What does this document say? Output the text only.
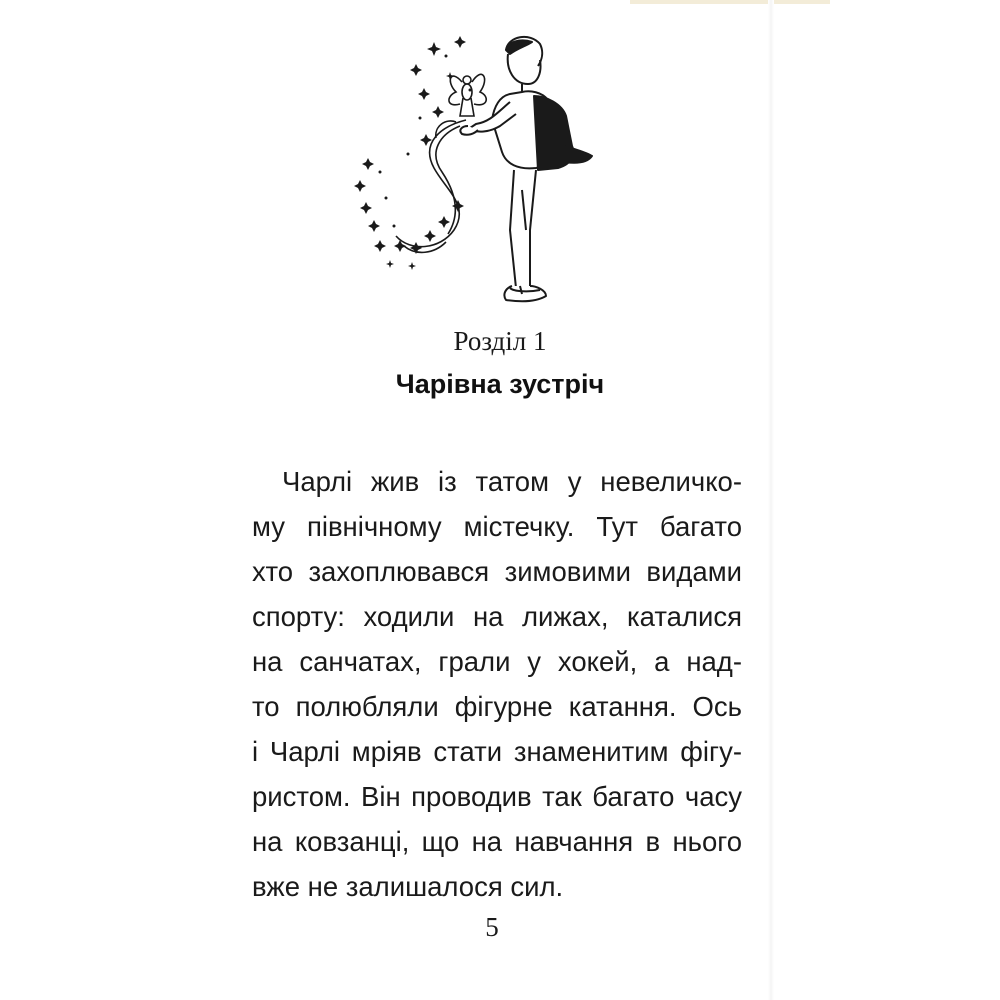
Розділ 1
Чарівна зустріч
Чарлі жив із татом у невеличко-
му північному містечку. Тут багато
хто захоплювався зимовими видами
спорту: ходили на лижах, каталися
на санчатах, грали у хокей, а над-
то полюбляли фігурне катання. Ось
і Чарлі мріяв стати знаменитим фігу-
ристом. Він проводив так багато часу
на ковзанці, що на навчання в нього
вже не залишалося сил.
5
